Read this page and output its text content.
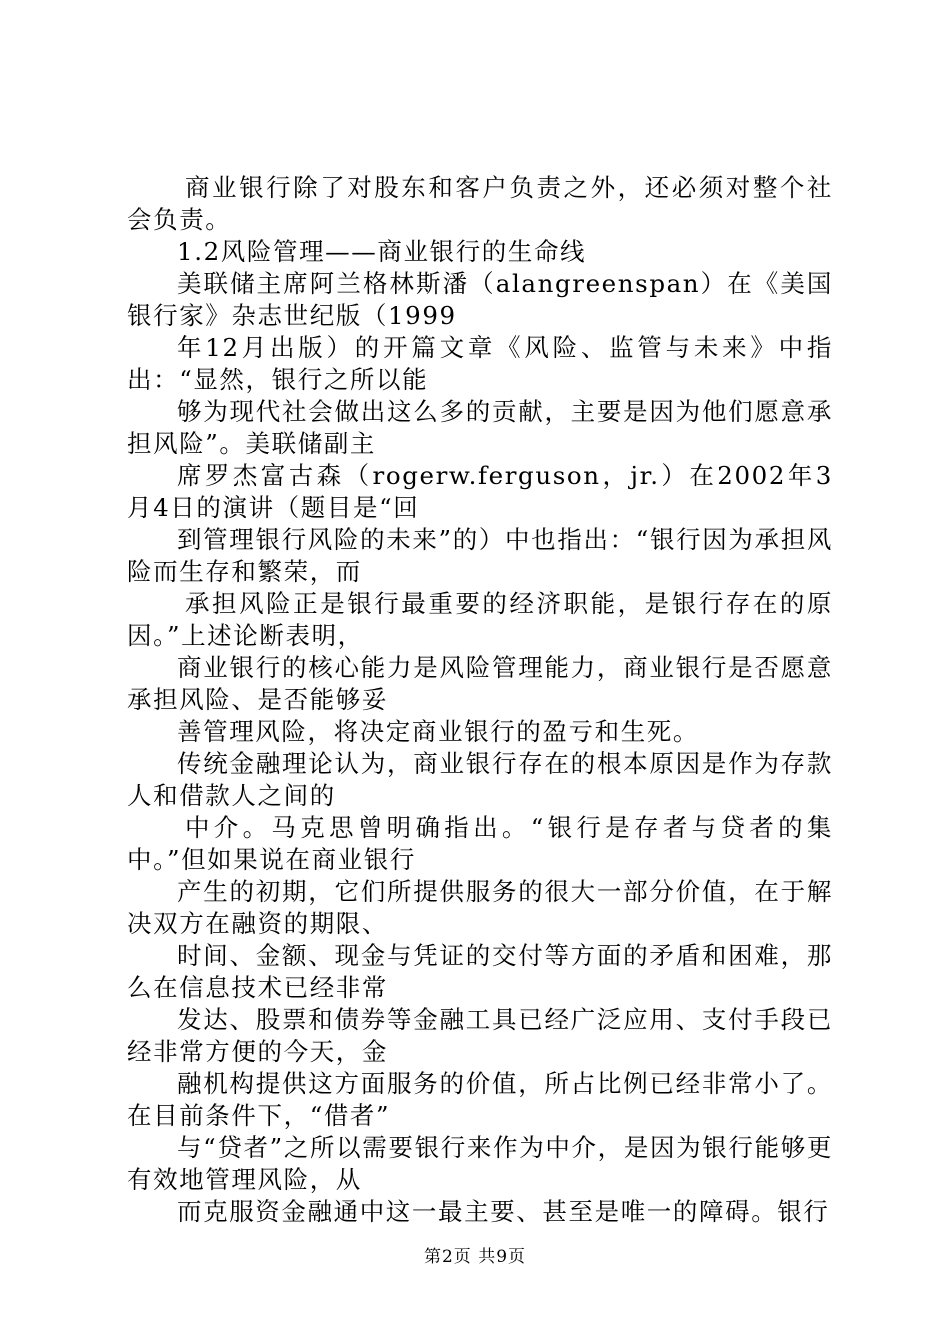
商业银行除了对股东和客户负责之外，还必须对整个社会负责。

1.2风险管理——商业银行的生命线

美联储主席阿兰格林斯潘（alangreenspan）在《美国银行家》杂志世纪版（1999

年12月出版）的开篇文章《风险、监管与未来》中指出：“显然，银行之所以能

够为现代社会做出这么多的贡献，主要是因为他们愿意承担风险”。美联储副主

席罗杰富古森（rogerw.ferguson，jr.）在2002年3月4日的演讲（题目是“回

到管理银行风险的未来”的）中也指出：“银行因为承担风险而生存和繁荣，而

承担风险正是银行最重要的经济职能，是银行存在的原因。”上述论断表明，

商业银行的核心能力是风险管理能力，商业银行是否愿意承担风险、是否能够妥

善管理风险，将决定商业银行的盈亏和生死。

传统金融理论认为，商业银行存在的根本原因是作为存款人和借款人之间的

中介。马克思曾明确指出。“银行是存者与贷者的集中。”但如果说在商业银行

产生的初期，它们所提供服务的很大一部分价值，在于解决双方在融资的期限、

时间、金额、现金与凭证的交付等方面的矛盾和困难，那么在信息技术已经非常

发达、股票和债券等金融工具已经广泛应用、支付手段已经非常方便的今天，金

融机构提供这方面服务的价值，所占比例已经非常小了。在目前条件下，“借者”

与“贷者”之所以需要银行来作为中介，是因为银行能够更有效地管理风险，从

而克服资金融通中这一最主要、甚至是唯一的障碍。银行

第2页 共9页
